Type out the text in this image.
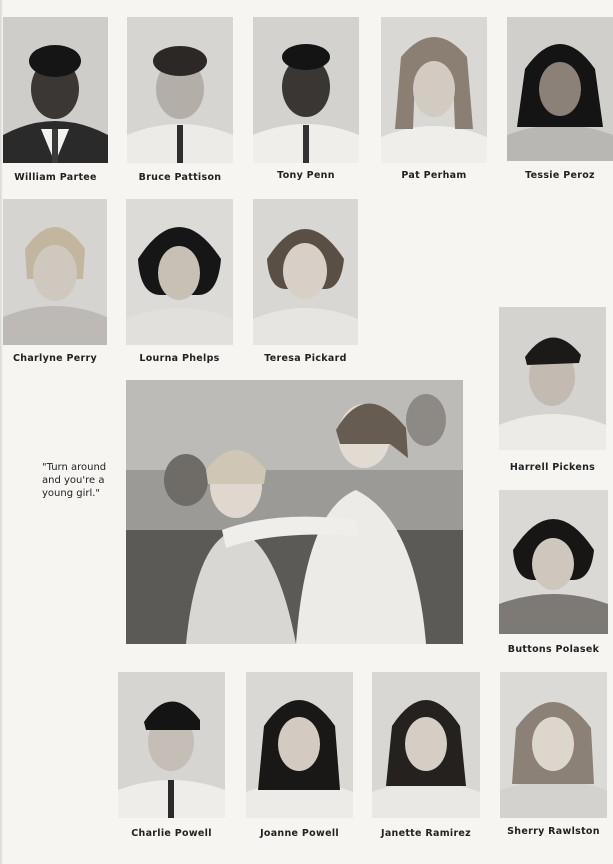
William Partee	Bruce Pattison	Tony Penn	Pat Perham	Tessie Peroz
Charlyne Perry	Lourna Phelps	Teresa Pickard
Harrell Pickens
Buttons Polasek
"Turn around and you're a young girl."
Charlie Powell	Joanne Powell	Janette Ramirez	Sherry Rawlston
